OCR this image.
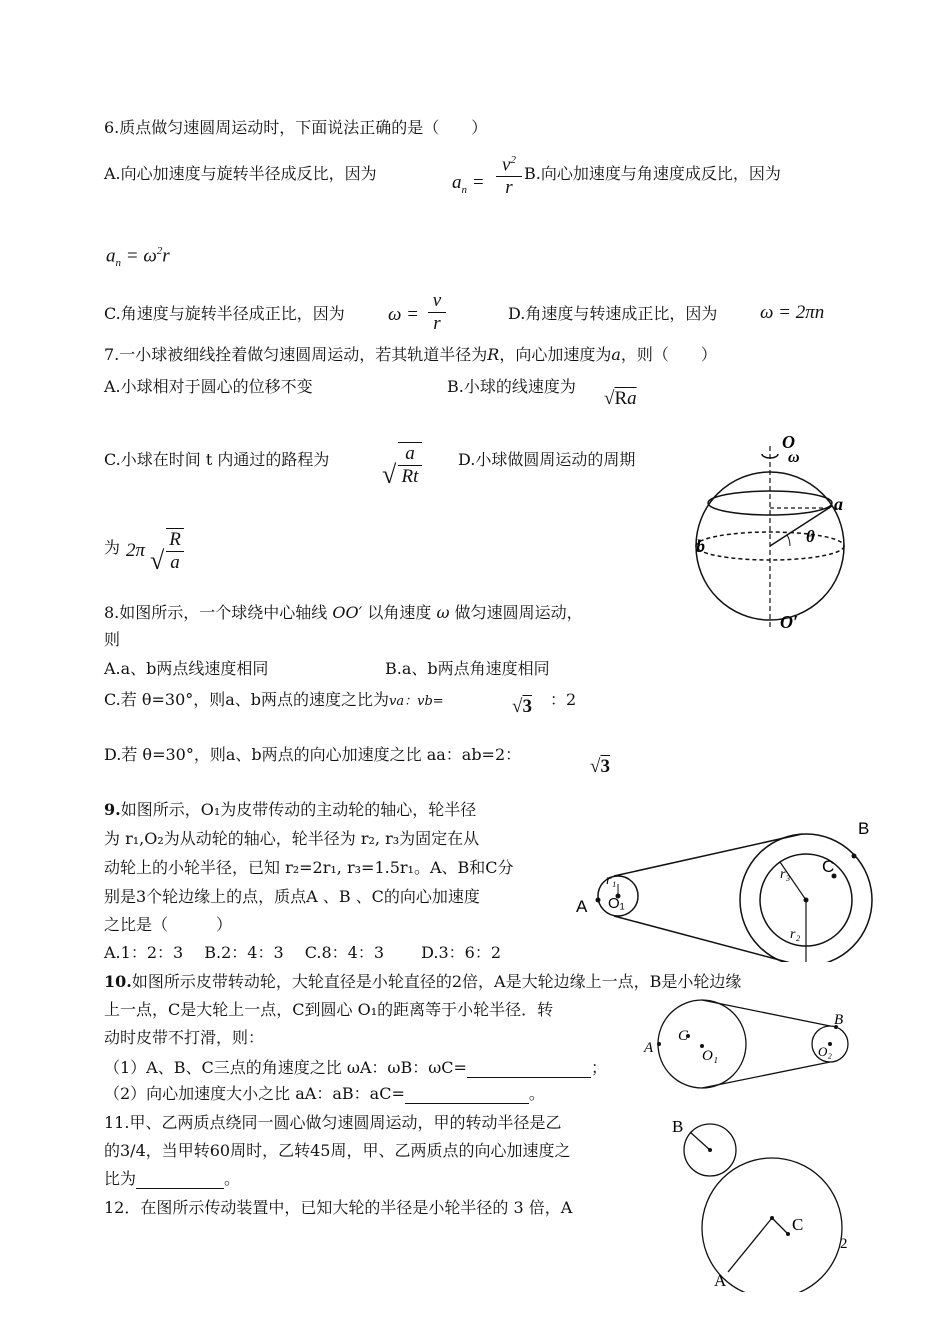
6.质点做匀速圆周运动时，下面说法正确的是（　　）
A.向心加速度与旋转半径成反比，因为	$a_n = \frac{v^2}{r} B$.向心加速度与角速度成反比，因为
$a_n = \omega^2r$
C.角速度与旋转半径成正比，因为 $\omega = \frac{v}{r}$	D.角速度与转速成正比，因为 ω = 2πn
7.一小球被细线拴着做匀速圆周运动，若其轨道半径为R，向心加速度为a，则（　　）
A.小球相对于圆心的位移不变	B.小球的线速度为
√Ra
C.小球在时间 t 内通过的路程为
√ $\frac{a}{Rt} D$.小球做圆周运动的周期
为 2π √ $\frac{R}{a}$
O
ω
a
b	θ
O′
8.如图所示，一个球绕中心轴线 OO′ 以角速度 ω 做匀速圆周运动，
则
A.a、b两点线速度相同	B.a、b两点角速度相同
C.若 θ=30°，则a、b两点的速度之比为va：vb=	√3 ：2
D.若 θ=30°，则a、b两点的向心加速度之比 aa：ab=2：
√3
9.如图所示，O₁为皮带传动的主动轮的轴心，轮半径
为 r₁,O₂为从动轮的轴心，轮半径为 r₂, r₃为固定在从
动轮上的小轮半径，已知 r₂=2r₁, r₃=1.5r₁。A、B和C分
别是3个轮边缘上的点，质点A 、B 、C的向心加速度
之比是（　　　）
A.1：2：3　 B.2：4：3　 C.8：4：3　　 D.3：6：2
A
B
C
O₁
r₁	r₃
r₂
10.如图所示皮带转动轮，大轮直径是小轮直径的2倍，A是大轮边缘上一点，B是小轮边缘
上一点，C是大轮上一点，C到圆心 O₁的距离等于小轮半径．转
动时皮带不打滑，则：
（1）A、B、C三点的角速度之比 ωA：ωB：ωC=	；
（2）向心加速度大小之比 aA：aB：aC=	。
A
C
O₁
B
O₂
11.甲、乙两质点绕同一圆心做匀速圆周运动，甲的转动半径是乙
的3/4，当甲转60周时，乙转45周，甲、乙两质点的向心加速度之
比为	。
12．在图所示传动装置中，已知大轮的半径是小轮半径的 3 倍，A
B
C
A
2
